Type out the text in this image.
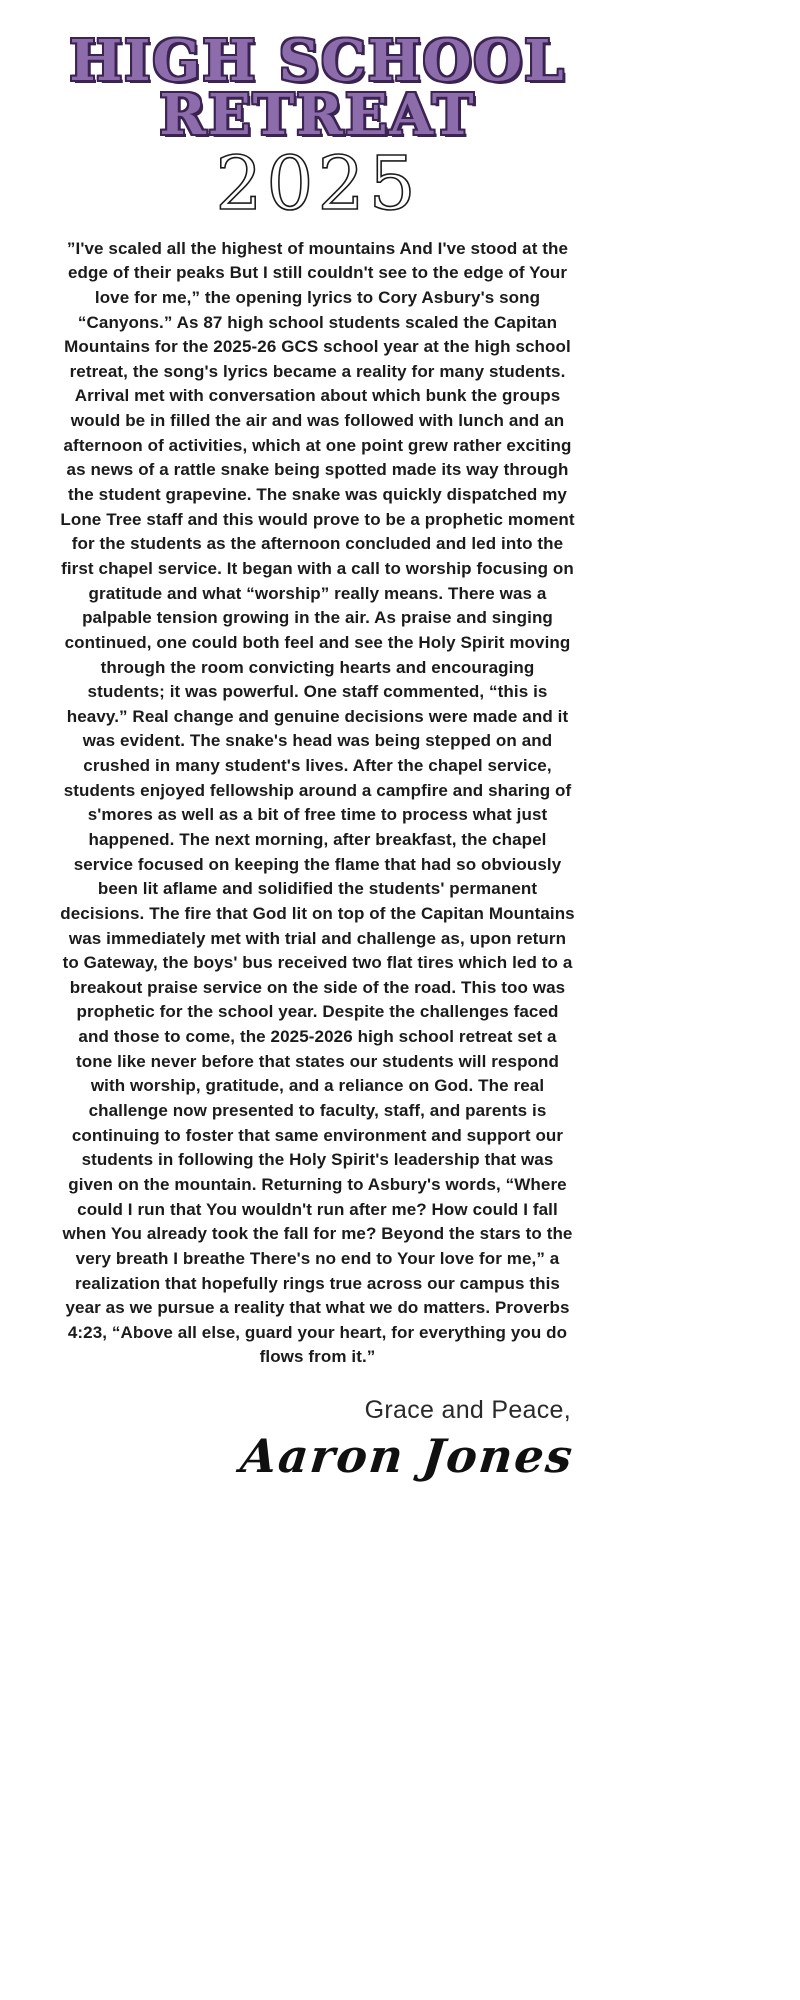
HIGH SCHOOL
RETREAT
2025

”I've scaled all the highest of mountains And I've stood at the edge of their peaks But I still couldn't see to the edge of Your love for me,” the opening lyrics to Cory Asbury's song “Canyons.” As 87 high school students scaled the Capitan Mountains for the 2025-26 GCS school year at the high school retreat, the song's lyrics became a reality for many students. Arrival met with conversation about which bunk the groups would be in filled the air and was followed with lunch and an afternoon of activities, which at one point grew rather exciting as news of a rattle snake being spotted made its way through the student grapevine. The snake was quickly dispatched my Lone Tree staff and this would prove to be a prophetic moment for the students as the afternoon concluded and led into the first chapel service. It began with a call to worship focusing on gratitude and what “worship” really means. There was a palpable tension growing in the air. As praise and singing continued, one could both feel and see the Holy Spirit moving through the room convicting hearts and encouraging students; it was powerful. One staff commented, “this is heavy.” Real change and genuine decisions were made and it was evident. The snake's head was being stepped on and crushed in many student's lives. After the chapel service, students enjoyed fellowship around a campfire and sharing of s'mores as well as a bit of free time to process what just happened. The next morning, after breakfast, the chapel service focused on keeping the flame that had so obviously been lit aflame and solidified the students' permanent decisions. The fire that God lit on top of the Capitan Mountains was immediately met with trial and challenge as, upon return to Gateway, the boys' bus received two flat tires which led to a breakout praise service on the side of the road. This too was prophetic for the school year. Despite the challenges faced and those to come, the 2025-2026 high school retreat set a tone like never before that states our students will respond with worship, gratitude, and a reliance on God. The real challenge now presented to faculty, staff, and parents is continuing to foster that same environment and support our students in following the Holy Spirit's leadership that was given on the mountain. Returning to Asbury's words, “Where could I run that You wouldn't run after me? How could I fall when You already took the fall for me? Beyond the stars to the very breath I breathe There's no end to Your love for me,” a realization that hopefully rings true across our campus this year as we pursue a reality that what we do matters. Proverbs 4:23, “Above all else, guard your heart, for everything you do flows from it.”

Grace and Peace,
Aaron Jones
